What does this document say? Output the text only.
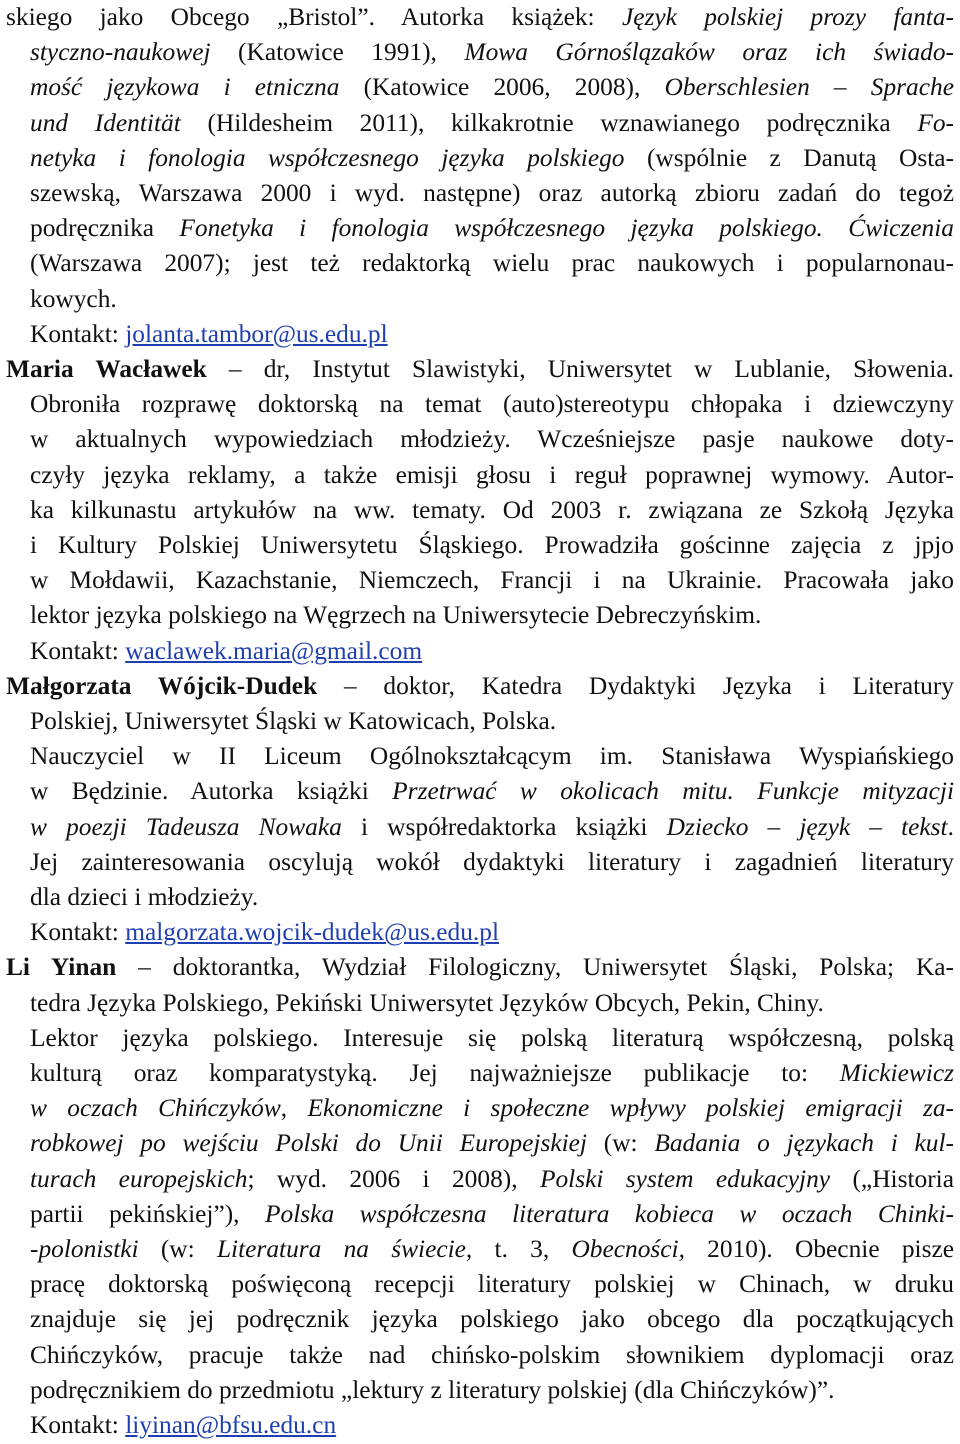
skiego jako Obcego „Bristol”. Autorka książek: Język polskiej prozy fanta-
styczno-naukowej (Katowice 1991), Mowa Górnoślązaków oraz ich świado-
mość językowa i etniczna (Katowice 2006, 2008), Oberschlesien – Sprache
und Identität (Hildesheim 2011), kilkakrotnie wznawianego podręcznika Fo-
netyka i fonologia współczesnego języka polskiego (wspólnie z Danutą Osta-
szewską, Warszawa 2000 i wyd. następne) oraz autorką zbioru zadań do tegoż
podręcznika Fonetyka i fonologia współczesnego języka polskiego. Ćwiczenia
(Warszawa 2007); jest też redaktorką wielu prac naukowych i popularnonau-
kowych.
Kontakt: jolanta.tambor@us.edu.pl
Maria Wacławek – dr, Instytut Slawistyki, Uniwersytet w Lublanie, Słowenia.
Obroniła rozprawę doktorską na temat (auto)stereotypu chłopaka i dziewczyny
w aktualnych wypowiedziach młodzieży. Wcześniejsze pasje naukowe doty-
czyły języka reklamy, a także emisji głosu i reguł poprawnej wymowy. Autor-
ka kilkunastu artykułów na ww. tematy. Od 2003 r. związana ze Szkołą Języka
i Kultury Polskiej Uniwersytetu Śląskiego. Prowadziła gościnne zajęcia z jpjo
w Mołdawii, Kazachstanie, Niemczech, Francji i na Ukrainie. Pracowała jako
lektor języka polskiego na Węgrzech na Uniwersytecie Debreczyńskim.
Kontakt: waclawek.maria@gmail.com
Małgorzata Wójcik-Dudek – doktor, Katedra Dydaktyki Języka i Literatury
Polskiej, Uniwersytet Śląski w Katowicach, Polska.
Nauczyciel w II Liceum Ogólnokształcącym im. Stanisława Wyspiańskiego
w Będzinie. Autorka książki Przetrwać w okolicach mitu. Funkcje mityzacji
w poezji Tadeusza Nowaka i współredaktorka książki Dziecko – język – tekst.
Jej zainteresowania oscylują wokół dydaktyki literatury i zagadnień literatury
dla dzieci i młodzieży.
Kontakt: malgorzata.wojcik-dudek@us.edu.pl
Li Yinan – doktorantka, Wydział Filologiczny, Uniwersytet Śląski, Polska; Ka-
tedra Języka Polskiego, Pekiński Uniwersytet Języków Obcych, Pekin, Chiny.
Lektor języka polskiego. Interesuje się polską literaturą współczesną, polską
kulturą oraz komparatystyką. Jej najważniejsze publikacje to: Mickiewicz
w oczach Chińczyków, Ekonomiczne i społeczne wpływy polskiej emigracji za-
robkowej po wejściu Polski do Unii Europejskiej (w: Badania o językach i kul-
turach europejskich; wyd. 2006 i 2008), Polski system edukacyjny („Historia
partii pekińskiej”), Polska współczesna literatura kobieca w oczach Chinki-
-polonistki (w: Literatura na świecie, t. 3, Obecności, 2010). Obecnie pisze
pracę doktorską poświęconą recepcji literatury polskiej w Chinach, w druku
znajduje się jej podręcznik języka polskiego jako obcego dla początkujących
Chińczyków, pracuje także nad chińsko-polskim słownikiem dyplomacji oraz
podręcznikiem do przedmiotu „lektury z literatury polskiej (dla Chińczyków)”.
Kontakt: liyinan@bfsu.edu.cn
